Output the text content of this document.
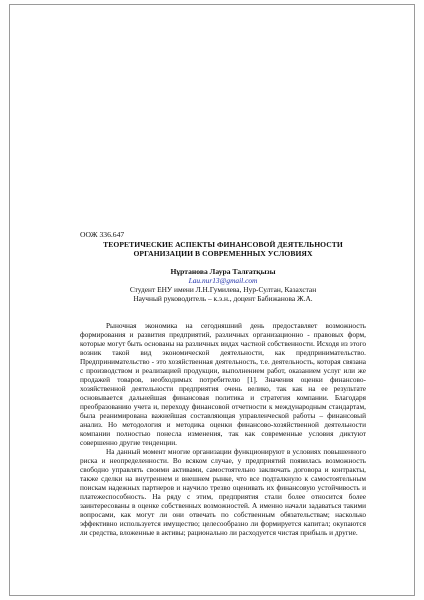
ООЖ 336.647

ТЕОРЕТИЧЕСКИЕ АСПЕКТЫ ФИНАНСОВОЙ ДЕЯТЕЛЬНОСТИ

ОРГАНИЗАЦИИ В СОВРЕМЕННЫХ УСЛОВИЯХ

Нұртанова Лаура Талғатқызы

Lau.nur13@gmail.com

Студент ЕНУ имени Л.Н.Гумилева, Нур-Султан, Казахстан

Научный руководитель – к.э.н., доцент Бабижанова Ж.А.

Рыночная экономика на сегодняшний день предоставляет возможность формирования и развития предприятий, различных организационно - правовых форм, которые могут быть основаны на различных видах частной собственности. Исходя из этого возник такой вид экономической деятельности, как предпринимательство. Предпринимательство - это хозяйственная деятельность, т.е. деятельность, которая связана с производством и реализацией продукции, выполнением работ, оказанием услуг или же продажей товаров, необходимых потребителю [1]. Значения оценки финансово-хозяйственной деятельности предприятия очень велико, так как на ее результате основывается дальнейшая финансовая политика и стратегия компании. Благодаря преобразованию учета и, переходу финансовой отчетности к международным стандартам, была реанимирована важнейшая составляющая управленческой работы – финансовый анализ. Но методология и методика оценки финансово-хозяйственной деятельности компании полностью понесла изменения, так как современные условия диктуют совершенно другие тенденции.

На данный момент многие организации функционируют в условиях повышенного риска и неопределенности. Во всяком случае, у предприятий появилась возможность свободно управлять своими активами, самостоятельно заключать договора и контракты, также сделки на внутреннем и внешнем рынке, что все подталкнуло к самостоятельным поискам надежных партнеров и научило трезво оценивать их финансовую устойчивость и платежеспособность. На ряду с этим, предприятия стали более относится более заинтересованы в оценке собственных возможностей. А именно начали задаваться такими вопросами, как могут ли они отвечать по собственным обязательствам; насколько эффективно используется имущество; целесообразно ли формируется капитал; окупаются ли средства, вложенные в активы; рационально ли расходуется чистая прибыль и другие.
